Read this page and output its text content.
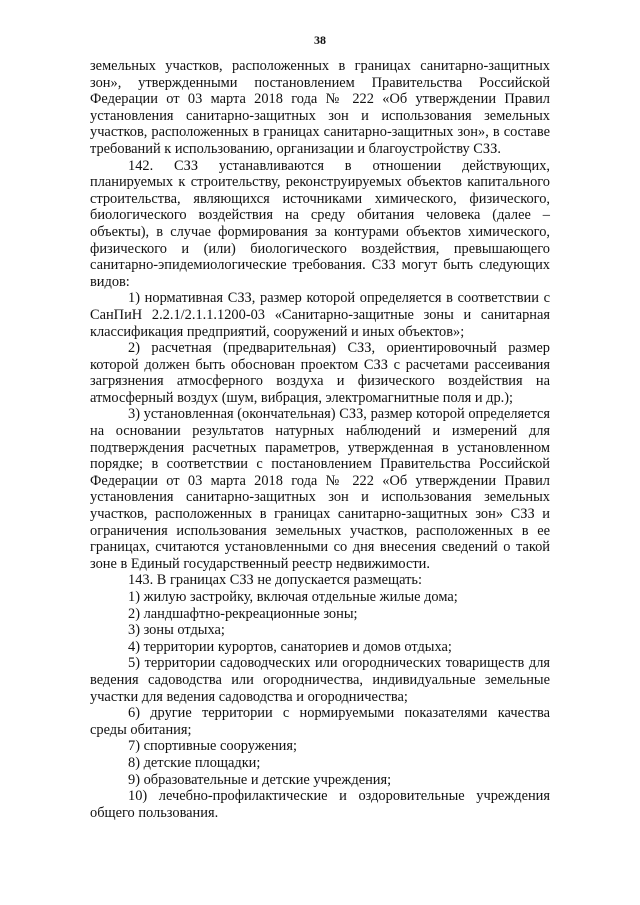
38

земельных участков, расположенных в границах санитарно-защитных зон», утвержденными постановлением Правительства Российской Федерации от 03 марта 2018 года № 222 «Об утверждении Правил установления санитарно-защитных зон и использования земельных участков, расположенных в границах санитарно-защитных зон», в составе требований к использованию, организации и благоустройству СЗЗ.

142. СЗЗ устанавливаются в отношении действующих, планируемых к строительству, реконструируемых объектов капитального строительства, являющихся источниками химического, физического, биологического воздействия на среду обитания человека (далее – объекты), в случае формирования за контурами объектов химического, физического и (или) биологического воздействия, превышающего санитарно-эпидемиологические требования. СЗЗ могут быть следующих видов:

1) нормативная СЗЗ, размер которой определяется в соответствии с СанПиН 2.2.1/2.1.1.1200-03 «Санитарно-защитные зоны и санитарная классификация предприятий, сооружений и иных объектов»;

2) расчетная (предварительная) СЗЗ, ориентировочный размер которой должен быть обоснован проектом СЗЗ с расчетами рассеивания загрязнения атмосферного воздуха и физического воздействия на атмосферный воздух (шум, вибрация, электромагнитные поля и др.);

3) установленная (окончательная) СЗЗ, размер которой определяется на основании результатов натурных наблюдений и измерений для подтверждения расчетных параметров, утвержденная в установленном порядке; в соответствии с постановлением Правительства Российской Федерации от 03 марта 2018 года № 222 «Об утверждении Правил установления санитарно-защитных зон и использования земельных участков, расположенных в границах санитарно-защитных зон» СЗЗ и ограничения использования земельных участков, расположенных в ее границах, считаются установленными со дня внесения сведений о такой зоне в Единый государственный реестр недвижимости.

143. В границах СЗЗ не допускается размещать:

1) жилую застройку, включая отдельные жилые дома;

2) ландшафтно-рекреационные зоны;

3) зоны отдыха;

4) территории курортов, санаториев и домов отдыха;

5) территории садоводческих или огороднических товариществ для ведения садоводства или огородничества, индивидуальные земельные участки для ведения садоводства и огородничества;

6) другие территории с нормируемыми показателями качества среды обитания;

7) спортивные сооружения;

8) детские площадки;

9) образовательные и детские учреждения;

10) лечебно-профилактические и оздоровительные учреждения общего пользования.
